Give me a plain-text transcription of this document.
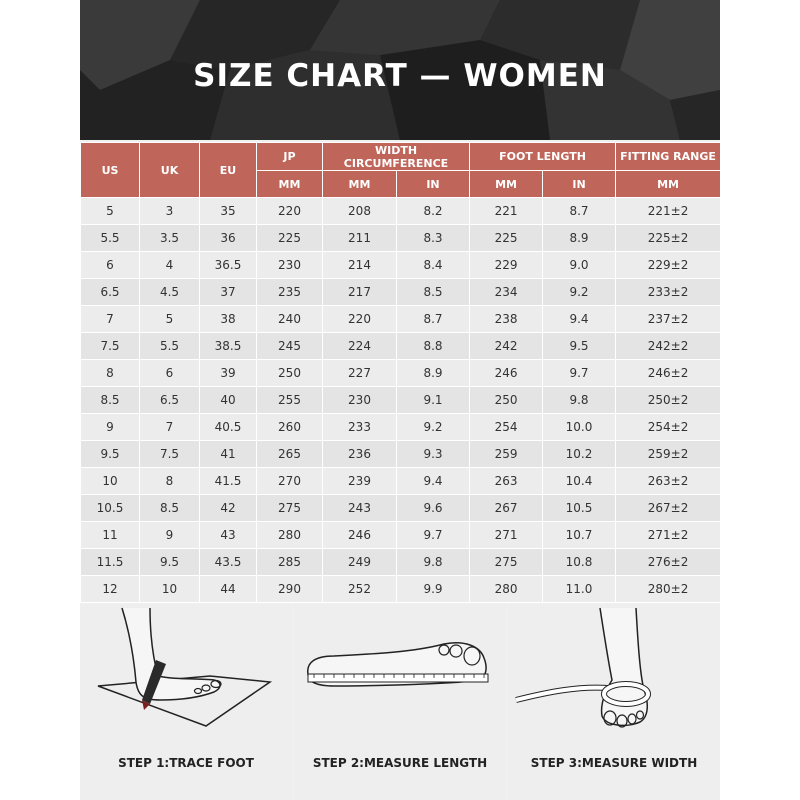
SIZE CHART — WOMEN
US	UK	EU	JP	WIDTH CIRCUMFERENCE		FOOT LENGTH		FITTING RANGE
			MM	MM	IN	MM	IN	MM
5	3	35	220	208	8.2	221	8.7	221±2
5.5	3.5	36	225	211	8.3	225	8.9	225±2
6	4	36.5	230	214	8.4	229	9.0	229±2
6.5	4.5	37	235	217	8.5	234	9.2	233±2
7	5	38	240	220	8.7	238	9.4	237±2
7.5	5.5	38.5	245	224	8.8	242	9.5	242±2
8	6	39	250	227	8.9	246	9.7	246±2
8.5	6.5	40	255	230	9.1	250	9.8	250±2
9	7	40.5	260	233	9.2	254	10.0	254±2
9.5	7.5	41	265	236	9.3	259	10.2	259±2
10	8	41.5	270	239	9.4	263	10.4	263±2
10.5	8.5	42	275	243	9.6	267	10.5	267±2
11	9	43	280	246	9.7	271	10.7	271±2
11.5	9.5	43.5	285	249	9.8	275	10.8	276±2
12	10	44	290	252	9.9	280	11.0	280±2
STEP 1:TRACE FOOT	STEP 2:MEASURE LENGTH	STEP 3:MEASURE WIDTH
